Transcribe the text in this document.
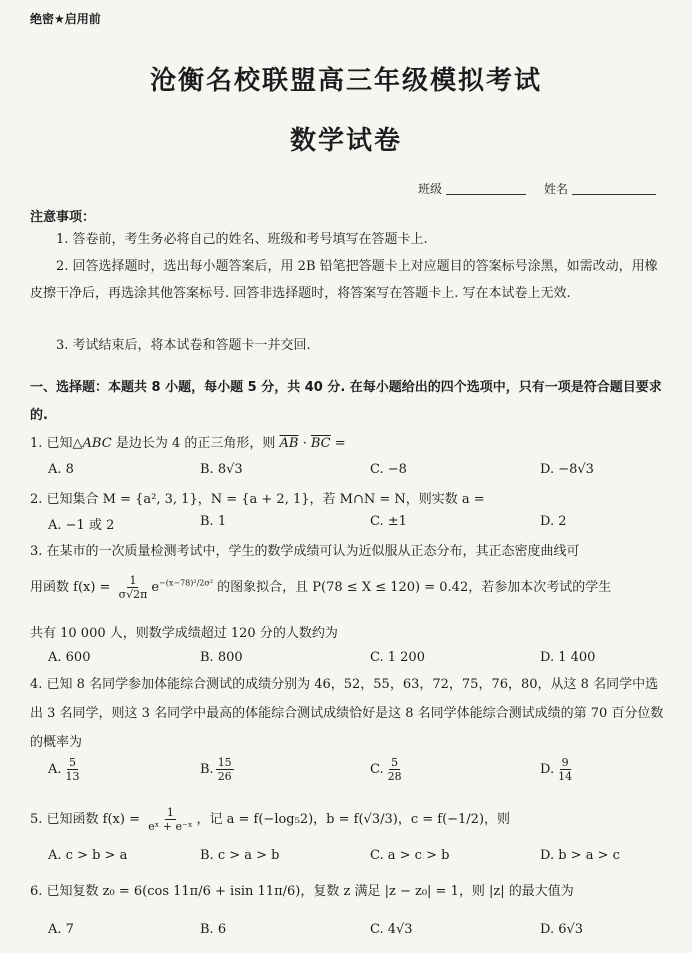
绝密★启用前
沧衡名校联盟高三年级模拟考试
数学试卷
班级	姓名
注意事项：
1. 答卷前，考生务必将自己的姓名、班级和考号填写在答题卡上.
2. 回答选择题时，选出每小题答案后，用 2B 铅笔把答题卡上对应题目的答案标号涂黑，如需改动，用橡皮擦干净后，再选涂其他答案标号. 回答非选择题时，将答案写在答题卡上. 写在本试卷上无效.
3. 考试结束后，将本试卷和答题卡一并交回.
一、选择题：本题共 8 小题，每小题 5 分，共 40 分. 在每小题给出的四个选项中，只有一项是符合题目要求的.
1. 已知△ABC 是边长为 4 的正三角形，则 $\overline{AB} \cdot \overline{BC}$ =
A. 8	B. 8√3	C. −8	D. −8√3
2. 已知集合 M = {a², 3, 1}，N = {a + 2, 1}，若 M∩N = N，则实数 a =
A. −1 或 2	B. 1	C. ±1	D. 2
3. 在某市的一次质量检测考试中，学生的数学成绩可认为近似服从正态分布，其正态密度曲线可
用函数 $f(x) = \frac{1}{\sigma√2\pi} e^{-(x-78)^2/2\sigma^2}$ 的图象拟合，且 P(78 ≤ X ≤ 120) = 0.42，若参加本次考试的学生
共有 10 000 人，则数学成绩超过 120 分的人数约为
A. 600	B. 800	C. 1 200	D. 1 400
4. 已知 8 名同学参加体能综合测试的成绩分别为 46，52，55，63，72，75，76，80，从这 8 名同学中选出 3 名同学，则这 3 名同学中最高的体能综合测试成绩恰好是这 8 名同学体能综合测试成绩的第 70 百分位数的概率为
A. $\frac{5}{13}$	B. $\frac{15}{26}$	C. $\frac{5}{28}$	D. $\frac{9}{14}$
5. 已知函数 $f(x) = \frac{1}{\text{eˣ + e⁻ˣ}}$ ，记 a = f(−log₅2)，b = f(√3/3)，c = f(−1/2)，则
A. c > b > a	B. c > a > b	C. a > c > b	D. b > a > c
6. 已知复数 z₀ = 6(cos 11π/6 + isin 11π/6)，复数 z 满足 |z − z₀| = 1，则 |z| 的最大值为
A. 7	B. 6	C. 4√3	D. 6√3
